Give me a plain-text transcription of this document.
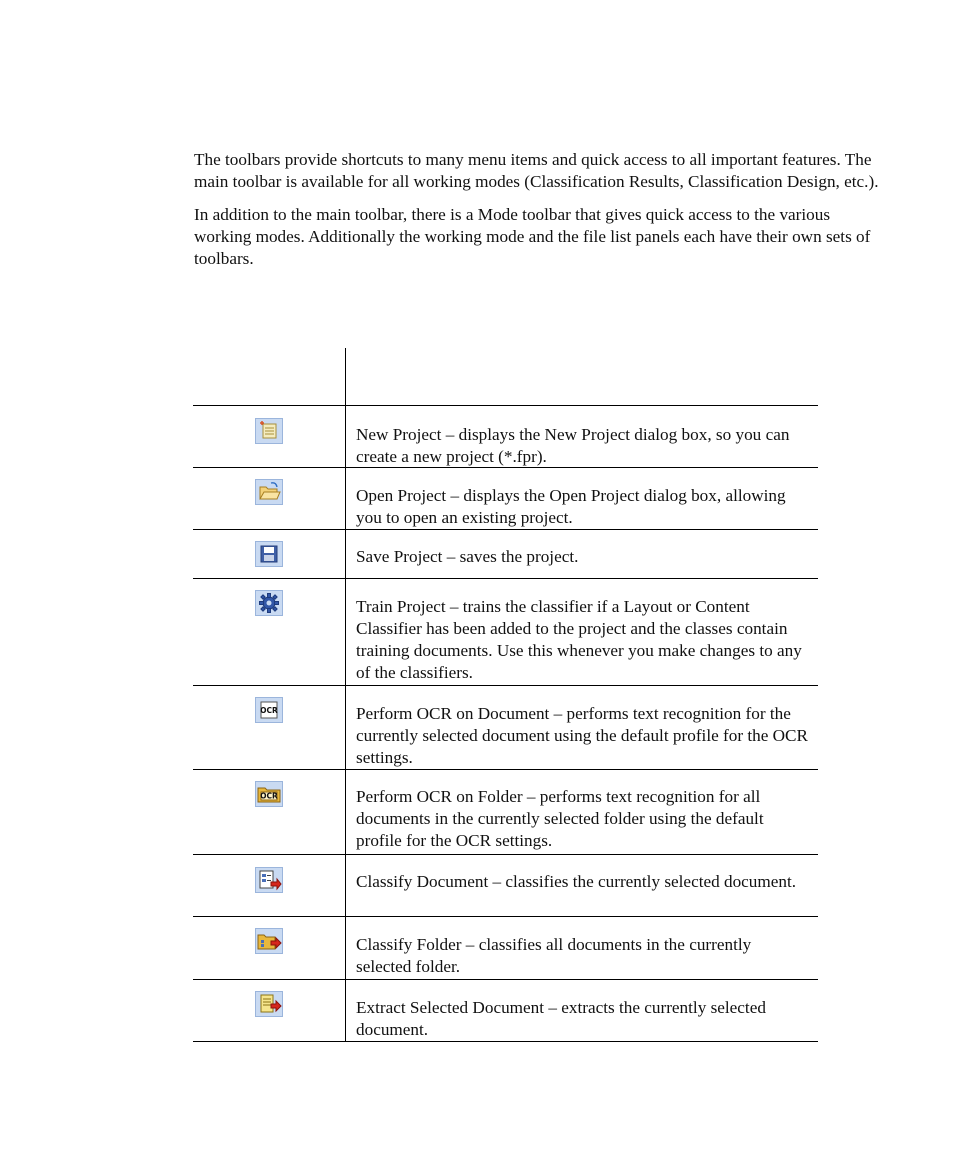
The toolbars provide shortcuts to many menu items and quick access to all important features. The main toolbar is available for all working modes (Classification Results, Classification Design, etc.).

In addition to the main toolbar, there is a Mode toolbar that gives quick access to the various working modes. Additionally the working mode and the file list panels each have their own sets of toolbars.

New Project – displays the New Project dialog box, so you can create a new project (*.fpr).
Open Project – displays the Open Project dialog box, allowing you to open an existing project.
Save Project – saves the project.
Train Project – trains the classifier if a Layout or Content Classifier has been added to the project and the classes contain training documents. Use this whenever you make changes to any of the classifiers.
OCR	Perform OCR on Document – performs text recognition for the currently selected document using the default profile for the OCR settings.
OCR	Perform OCR on Folder – performs text recognition for all documents in the currently selected folder using the default profile for the OCR settings.
Classify Document – classifies the currently selected document.
Classify Folder – classifies all documents in the currently selected folder.
Extract Selected Document – extracts the currently selected document.
